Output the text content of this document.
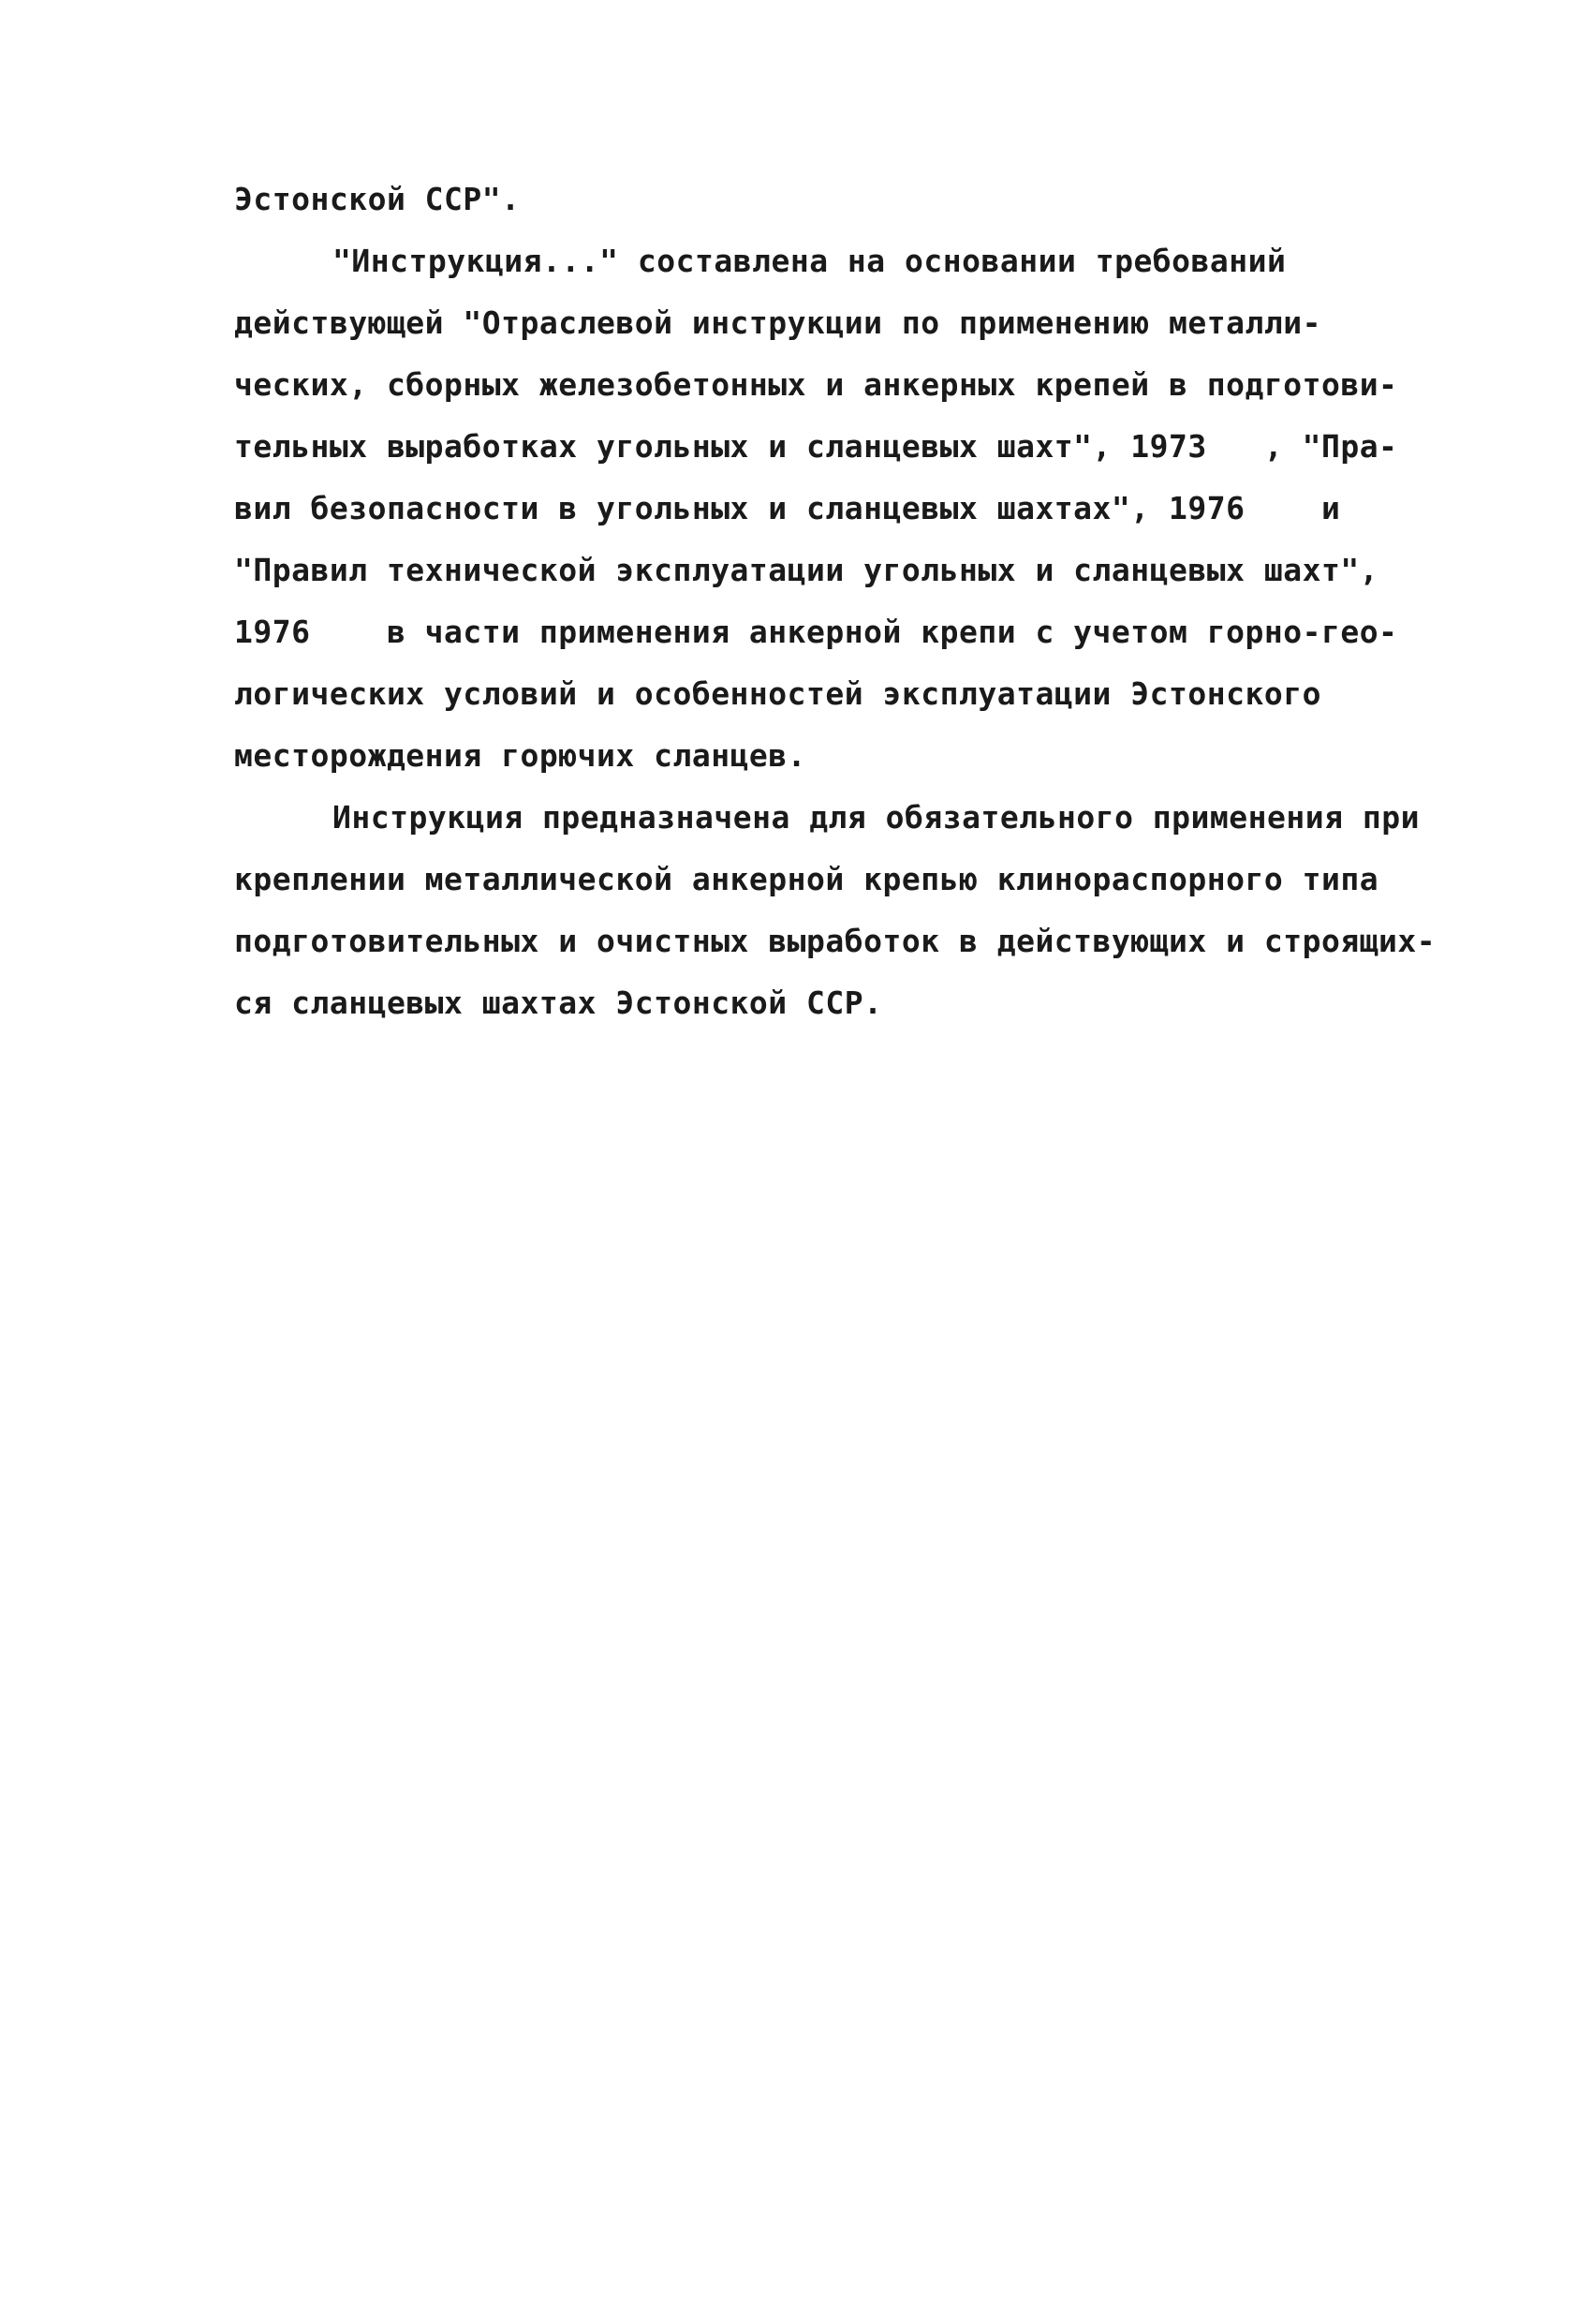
Эстонской ССР".
"Инструкция..." составлена на основании требований
действующей "Отраслевой инструкции по применению металли-
ческих, сборных железобетонных и анкерных крепей в подготови-
тельных выработках угольных и сланцевых шахт", 1973   , "Пра-
вил безопасности в угольных и сланцевых шахтах", 1976    и
"Правил технической эксплуатации угольных и сланцевых шахт",
1976    в части применения анкерной крепи с учетом горно-гео-
логических условий и особенностей эксплуатации Эстонского
месторождения горючих сланцев.
Инструкция предназначена для обязательного применения при
креплении металлической анкерной крепью клинораспорного типа
подготовительных и очистных выработок в действующих и строящих-
ся сланцевых шахтах Эстонской ССР.
